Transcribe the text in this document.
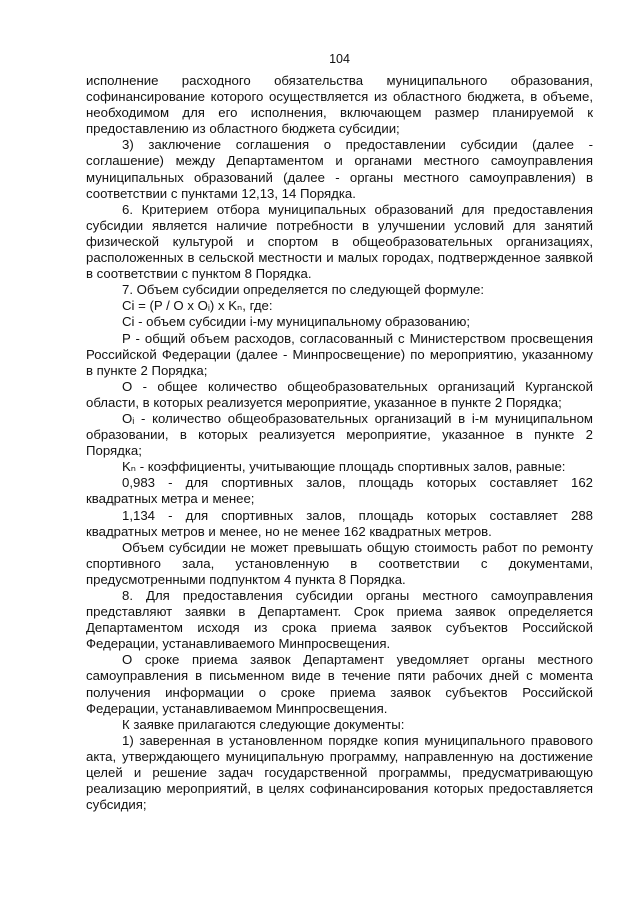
104
исполнение расходного обязательства муниципального образования,
софинансирование которого осуществляется из областного бюджета, в объеме,
необходимом для его исполнения, включающем размер планируемой к
предоставлению из областного бюджета субсидии;
3) заключение соглашения о предоставлении субсидии (далее -
соглашение) между Департаментом и органами местного самоуправления
муниципальных образований (далее - органы местного самоуправления) в
соответствии с пунктами 12,13, 14 Порядка.
6. Критерием отбора муниципальных образований для предоставления
субсидии является наличие потребности в улучшении условий для занятий
физической культурой и спортом в общеобразовательных организациях,
расположенных в сельской местности и малых городах, подтвержденное заявкой
в соответствии с пунктом 8 Порядка.
7. Объем субсидии определяется по следующей формуле:
Ci = (P / O x Oᵢ) x Kₙ, где:
Ci - объем субсидии i-му муниципальному образованию;
P - общий объем расходов, согласованный с Министерством просвещения
Российской Федерации (далее - Минпросвещение) по мероприятию, указанному
в пункте 2 Порядка;
O - общее количество общеобразовательных организаций Курганской
области, в которых реализуется мероприятие, указанное в пункте 2 Порядка;
Oᵢ - количество общеобразовательных организаций в i-м муниципальном
образовании, в которых реализуется мероприятие, указанное в пункте 2
Порядка;
Kₙ - коэффициенты, учитывающие площадь спортивных залов, равные:
0,983 - для спортивных залов, площадь которых составляет 162
квадратных метра и менее;
1,134 - для спортивных залов, площадь которых составляет 288
квадратных метров и менее, но не менее 162 квадратных метров.
Объем субсидии не может превышать общую стоимость работ по ремонту
спортивного зала, установленную в соответствии с документами,
предусмотренными подпунктом 4 пункта 8 Порядка.
8. Для предоставления субсидии органы местного самоуправления
представляют заявки в Департамент. Срок приема заявок определяется
Департаментом исходя из срока приема заявок субъектов Российской
Федерации, устанавливаемого Минпросвещения.
О сроке приема заявок Департамент уведомляет органы местного
самоуправления в письменном виде в течение пяти рабочих дней с момента
получения информации о сроке приема заявок субъектов Российской
Федерации, устанавливаемом Минпросвещения.
К заявке прилагаются следующие документы:
1) заверенная в установленном порядке копия муниципального правового
акта, утверждающего муниципальную программу, направленную на достижение
целей и решение задач государственной программы, предусматривающую
реализацию мероприятий, в целях софинансирования которых предоставляется
субсидия;
